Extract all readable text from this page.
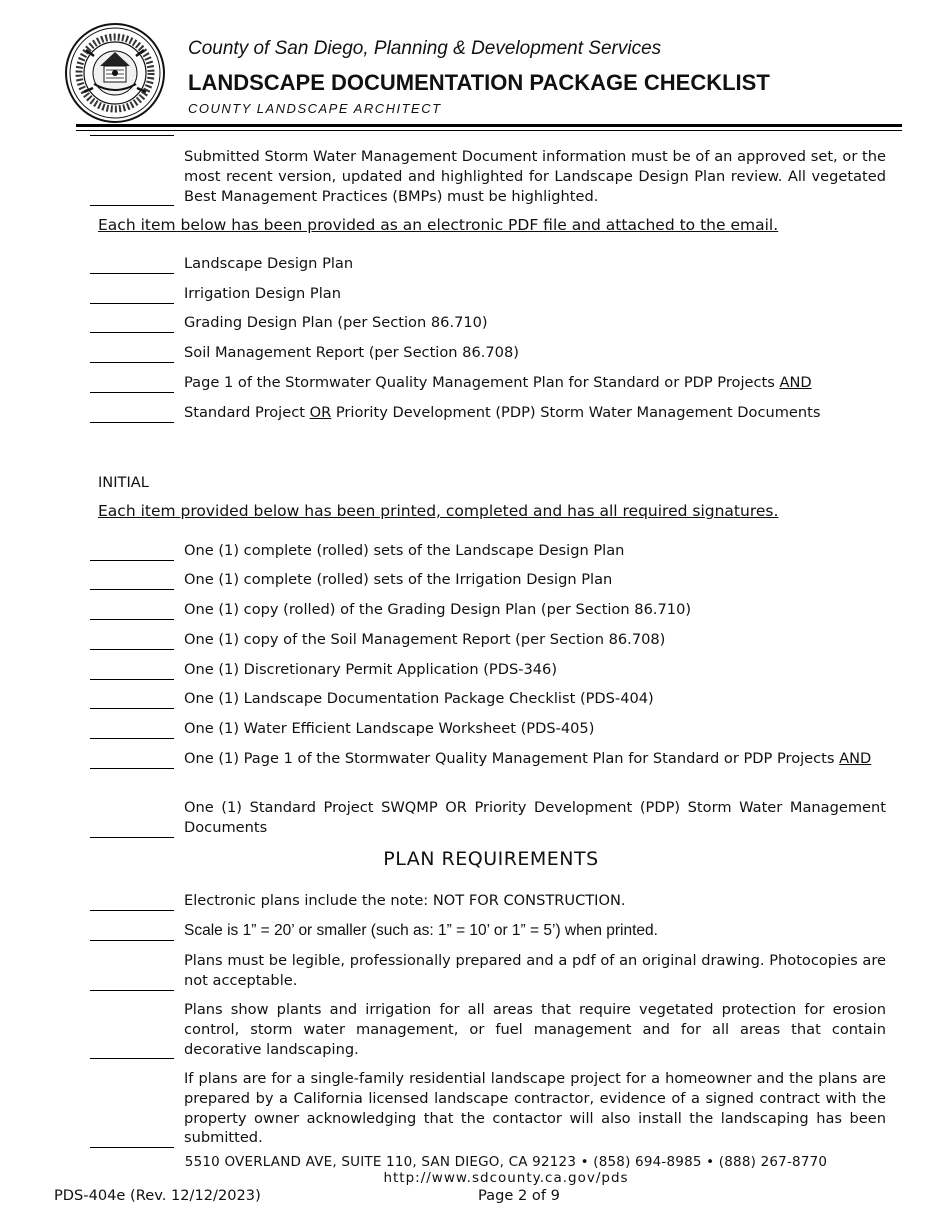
County of San Diego, Planning & Development Services
LANDSCAPE DOCUMENTATION PACKAGE CHECKLIST
COUNTY LANDSCAPE ARCHITECT
Submitted Storm Water Management Document information must be of an approved set, or the most recent version, updated and highlighted for Landscape Design Plan review. All vegetated Best Management Practices (BMPs) must be highlighted.
Each item below has been provided as an electronic PDF file and attached to the email.
Landscape Design Plan
Irrigation Design Plan
Grading Design Plan (per Section 86.710)
Soil Management Report (per Section 86.708)
Page 1 of the Stormwater Quality Management Plan for Standard or PDP Projects AND
Standard Project OR Priority Development (PDP) Storm Water Management Documents
INITIAL
Each item provided below has been printed, completed and has all required signatures.
One (1) complete (rolled) sets of the Landscape Design Plan
One (1) complete (rolled) sets of the Irrigation Design Plan
One (1) copy (rolled) of the Grading Design Plan (per Section 86.710)
One (1) copy of the Soil Management Report (per Section 86.708)
One (1) Discretionary Permit Application (PDS-346)
One (1) Landscape Documentation Package Checklist (PDS-404)
One (1) Water Efficient Landscape Worksheet (PDS-405)
One (1) Page 1 of the Stormwater Quality Management Plan for Standard or PDP Projects AND
One (1) Standard Project SWQMP OR Priority Development (PDP) Storm Water Management Documents
PLAN REQUIREMENTS
Electronic plans include the note: NOT FOR CONSTRUCTION.
Scale is 1” = 20’ or smaller (such as: 1” = 10’ or 1” = 5’) when printed.
Plans must be legible, professionally prepared and a pdf of an original drawing. Photocopies are not acceptable.
Plans show plants and irrigation for all areas that require vegetated protection for erosion control, storm water management, or fuel management and for all areas that contain decorative landscaping.
If plans are for a single-family residential landscape project for a homeowner and the plans are prepared by a California licensed landscape contractor, evidence of a signed contract with the property owner acknowledging that the contactor will also install the landscaping has been submitted.
5510 OVERLAND AVE, SUITE 110, SAN DIEGO, CA 92123 • (858) 694-8985 • (888) 267-8770
http://www.sdcounty.ca.gov/pds
PDS-404e (Rev. 12/12/2023)	Page 2 of 9
